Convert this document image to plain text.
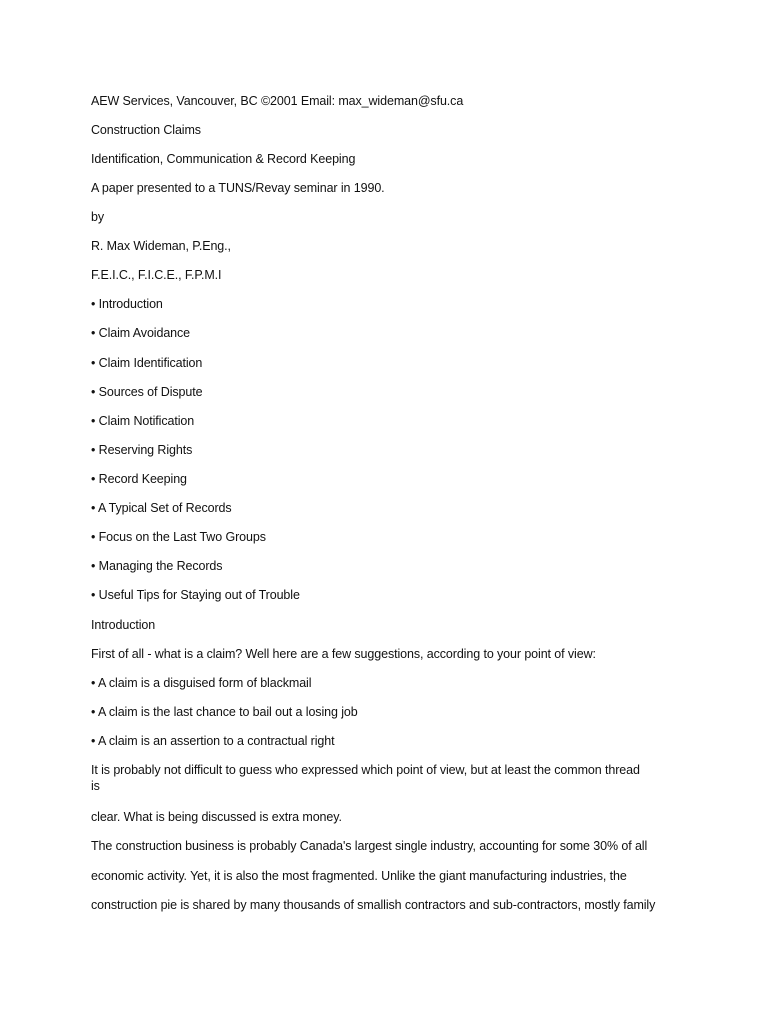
AEW Services, Vancouver, BC ©2001 Email: max_wideman@sfu.ca
Construction Claims
Identification, Communication & Record Keeping
A paper presented to a TUNS/Revay seminar in 1990.
by
R. Max Wideman, P.Eng.,
F.E.I.C., F.I.C.E., F.P.M.I
• Introduction
• Claim Avoidance
• Claim Identification
• Sources of Dispute
• Claim Notification
• Reserving Rights
• Record Keeping
• A Typical Set of Records
• Focus on the Last Two Groups
• Managing the Records
• Useful Tips for Staying out of Trouble
Introduction
First of all - what is a claim? Well here are a few suggestions, according to your point of view:
• A claim is a disguised form of blackmail
• A claim is the last chance to bail out a losing job
• A claim is an assertion to a contractual right
It is probably not difficult to guess who expressed which point of view, but at least the common thread
is
clear. What is being discussed is extra money.
The construction business is probably Canada's largest single industry, accounting for some 30% of all
economic activity. Yet, it is also the most fragmented. Unlike the giant manufacturing industries, the
construction pie is shared by many thousands of smallish contractors and sub-contractors, mostly family
